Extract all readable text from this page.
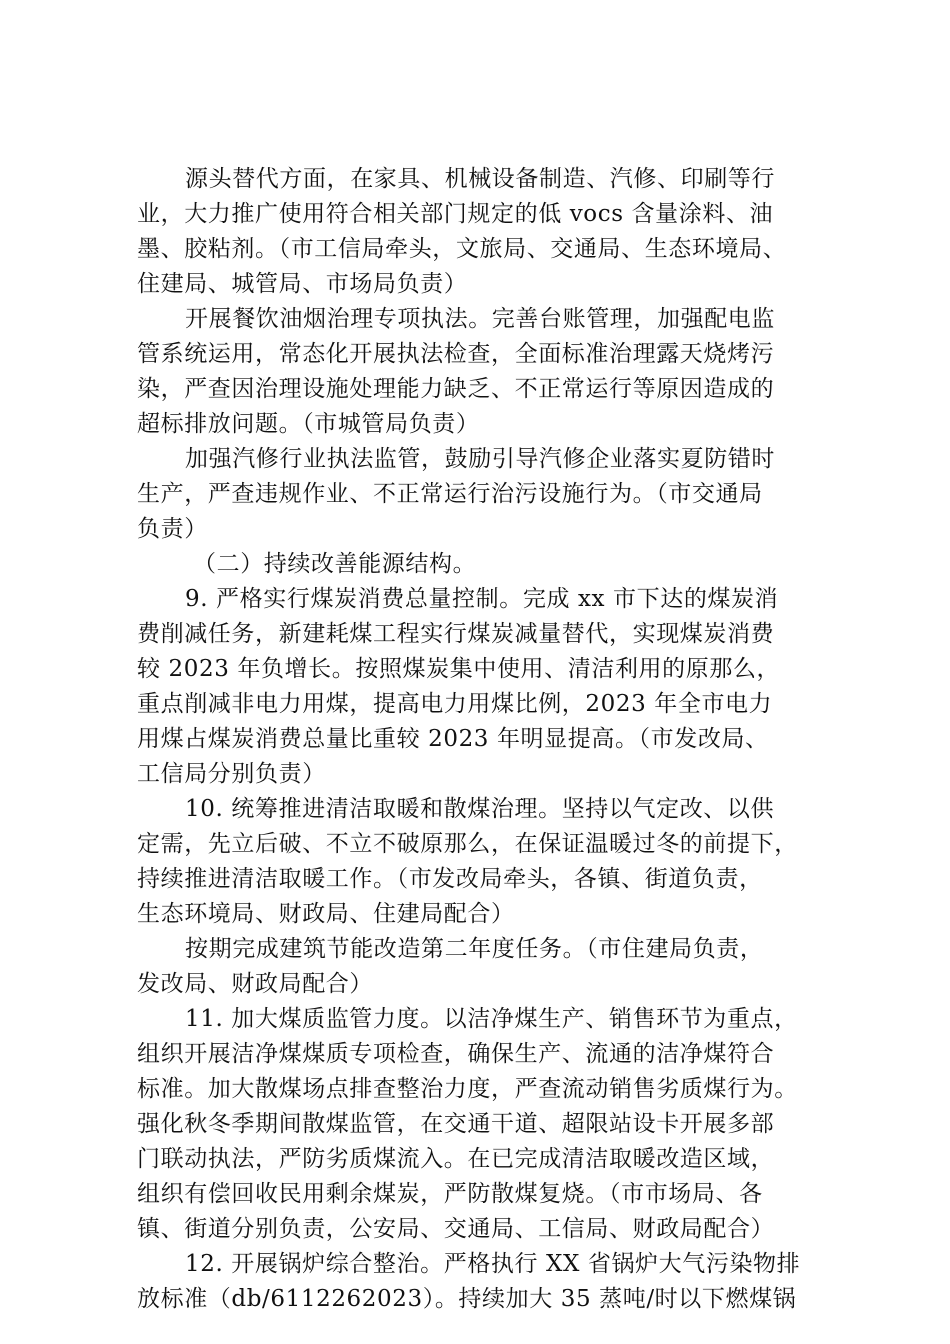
源头替代方面，在家具、机械设备制造、汽修、印刷等行
业，大力推广使用符合相关部门规定的低 vocs 含量涂料、油
墨、胶粘剂。（市工信局牵头，文旅局、交通局、生态环境局、
住建局、城管局、市场局负责）
开展餐饮油烟治理专项执法。完善台账管理，加强配电监
管系统运用，常态化开展执法检查，全面标准治理露天烧烤污
染，严查因治理设施处理能力缺乏、不正常运行等原因造成的
超标排放问题。（市城管局负责）
加强汽修行业执法监管，鼓励引导汽修企业落实夏防错时
生产，严查违规作业、不正常运行治污设施行为。（市交通局
负责）
（二）持续改善能源结构。
9. 严格实行煤炭消费总量控制。完成 xx 市下达的煤炭消
费削减任务，新建耗煤工程实行煤炭减量替代，实现煤炭消费
较 2023 年负增长。按照煤炭集中使用、清洁利用的原那么，
重点削减非电力用煤，提高电力用煤比例，2023 年全市电力
用煤占煤炭消费总量比重较 2023 年明显提高。（市发改局、
工信局分别负责）
10. 统筹推进清洁取暖和散煤治理。坚持以气定改、以供
定需，先立后破、不立不破原那么，在保证温暖过冬的前提下，
持续推进清洁取暖工作。（市发改局牵头，各镇、街道负责，
生态环境局、财政局、住建局配合）
按期完成建筑节能改造第二年度任务。（市住建局负责，
发改局、财政局配合）
11. 加大煤质监管力度。以洁净煤生产、销售环节为重点，
组织开展洁净煤煤质专项检查，确保生产、流通的洁净煤符合
标准。加大散煤场点排查整治力度，严查流动销售劣质煤行为。
强化秋冬季期间散煤监管，在交通干道、超限站设卡开展多部
门联动执法，严防劣质煤流入。在已完成清洁取暖改造区域，
组织有偿回收民用剩余煤炭，严防散煤复烧。（市市场局、各
镇、街道分别负责，公安局、交通局、工信局、财政局配合）
12. 开展锅炉综合整治。严格执行 XX 省锅炉大气污染物排
放标准（db/6112262023）。持续加大 35 蒸吨/时以下燃煤锅
